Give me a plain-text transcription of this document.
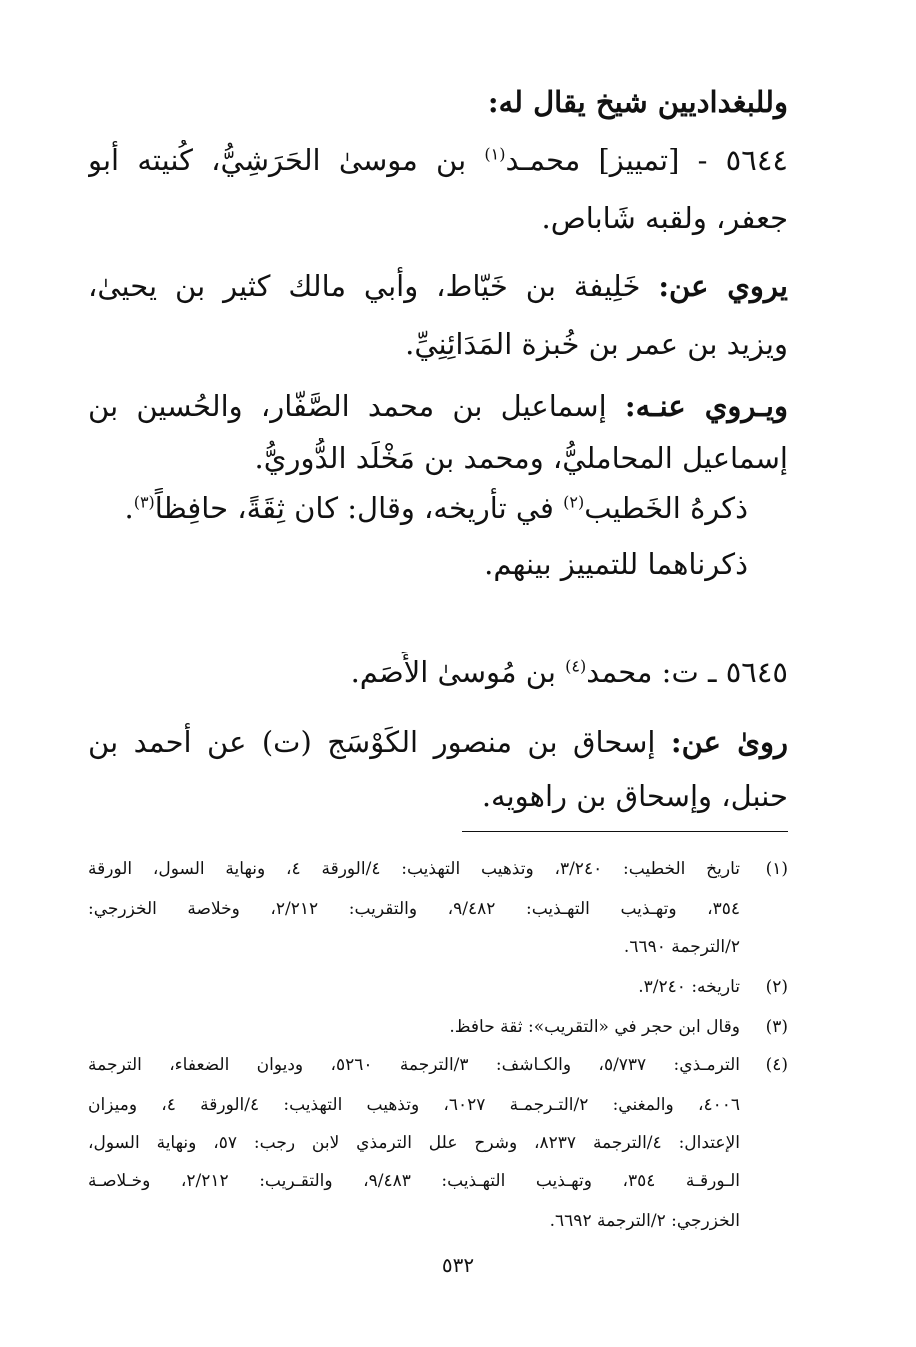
وللبغداديين شيخ يقال له:
٥٦٤٤ - [تمييز] محمـد$^{(١)}$ بن موسىٰ الحَرَشِيُّ، كُنيته أبو
جعفر، ولقبه شَاباص.
يروي عن: خَلِيفة بن خَيّاط، وأبي مالك كثير بن يحيىٰ،
ويزيد بن عمر بن خُبزة المَدَائِنِيِّ.
ويـروي عنـه: إسماعيل بن محمد الصَّفّار، والحُسين بن
إسماعيل المحامليُّ، ومحمد بن مَخْلَد الدُّوريُّ.
ذكرهُ الخَطيب$^{(٢)}$ في تأريخه، وقال: كان ثِقَةً، حافِظاً$^{(٣)}$.
ذكرناهما للتمييز بينهم.
٥٦٤٥ ـ ت: محمد$^{(٤)}$ بن مُوسىٰ الأَصَم.
روىٰ عن: إسحاق بن منصور الكَوْسَج (ت) عن أحمد بن
حنبل، وإسحاق بن راهويه.
(١)
تاريخ الخطيب: ٣/٢٤٠، وتذهيب التهذيب: ٤/الورقة ٤، ونهاية السول، الورقة
٣٥٤، وتهـذيب التهـذيب: ٩/٤٨٢، والتقريب: ٢/٢١٢، وخلاصة الخزرجي:
٢/الترجمة ٦٦٩٠.
(٢)
تاريخه: ٣/٢٤٠.
(٣)
وقال ابن حجر في «التقريب»: ثقة حافظ.
(٤)
الترمـذي: ٥/٧٣٧، والكـاشف: ٣/الترجمة ٥٢٦٠، وديوان الضعفاء، الترجمة
٤٠٠٦، والمغني: ٢/التـرجمـة ٦٠٢٧، وتذهيب التهذيب: ٤/الورقة ٤، وميزان
الإعتدال: ٤/الترجمة ٨٢٣٧، وشرح علل الترمذي لابن رجب: ٥٧، ونهاية السول،
الـورقـة ٣٥٤، وتهـذيب التهـذيب: ٩/٤٨٣، والتقـريب: ٢/٢١٢، وخـلاصـة
الخزرجي: ٢/الترجمة ٦٦٩٢.
٥٣٢
